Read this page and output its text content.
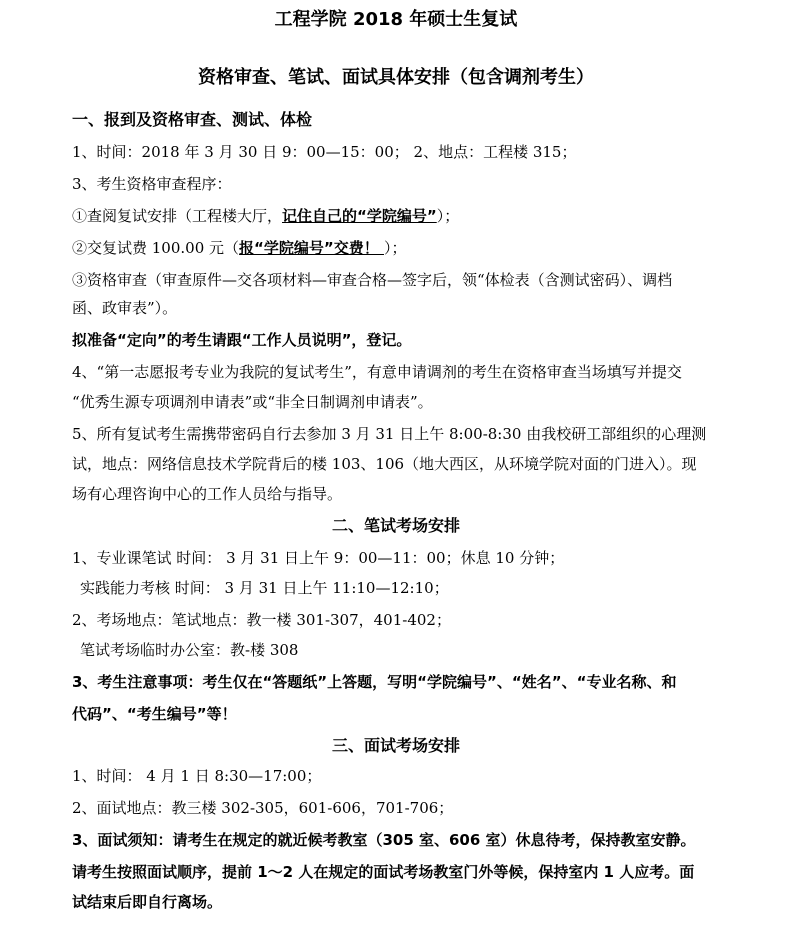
工程学院 2018 年硕士生复试
资格审查、笔试、面试具体安排（包含调剂考生）
一、报到及资格审查、测试、体检
1、时间：2018 年 3 月 30 日 9：00—15：00； 2、地点：工程楼 315；
3、考生资格审查程序：
①查阅复试安排（工程楼大厅，记住自己的“学院编号”）；
②交复试费 100.00 元（报“学院编号”交费！ ）；
③资格审查（审查原件—交各项材料—审查合格—签字后，领“体检表（含测试密码）、调档
函、政审表”）。
拟准备“定向”的考生请跟“工作人员说明”，登记。
4、“第一志愿报考专业为我院的复试考生”，有意申请调剂的考生在资格审查当场填写并提交
“优秀生源专项调剂申请表”或“非全日制调剂申请表”。
5、所有复试考生需携带密码自行去参加 3 月 31 日上午 8:00-8:30 由我校研工部组织的心理测
试，地点：网络信息技术学院背后的楼 103、106（地大西区，从环境学院对面的门进入）。现
场有心理咨询中心的工作人员给与指导。
二、笔试考场安排
1、专业课笔试 时间： 3 月 31 日上午 9：00—11：00；休息 10 分钟；
实践能力考核 时间： 3 月 31 日上午 11:10—12:10；
2、考场地点：笔试地点：教一楼 301-307，401-402；
笔试考场临时办公室：教-楼 308
3、考生注意事项：考生仅在“答题纸”上答题，写明“学院编号”、“姓名”、“专业名称、和
代码”、“考生编号”等！
三、面试考场安排
1、时间： 4 月 1 日 8:30—17:00；
2、面试地点：教三楼 302-305，601-606，701-706；
3、面试须知：请考生在规定的就近候考教室（305 室、606 室）休息待考，保持教室安静。
请考生按照面试顺序，提前 1～2 人在规定的面试考场教室门外等候，保持室内 1 人应考。面
试结束后即自行离场。
